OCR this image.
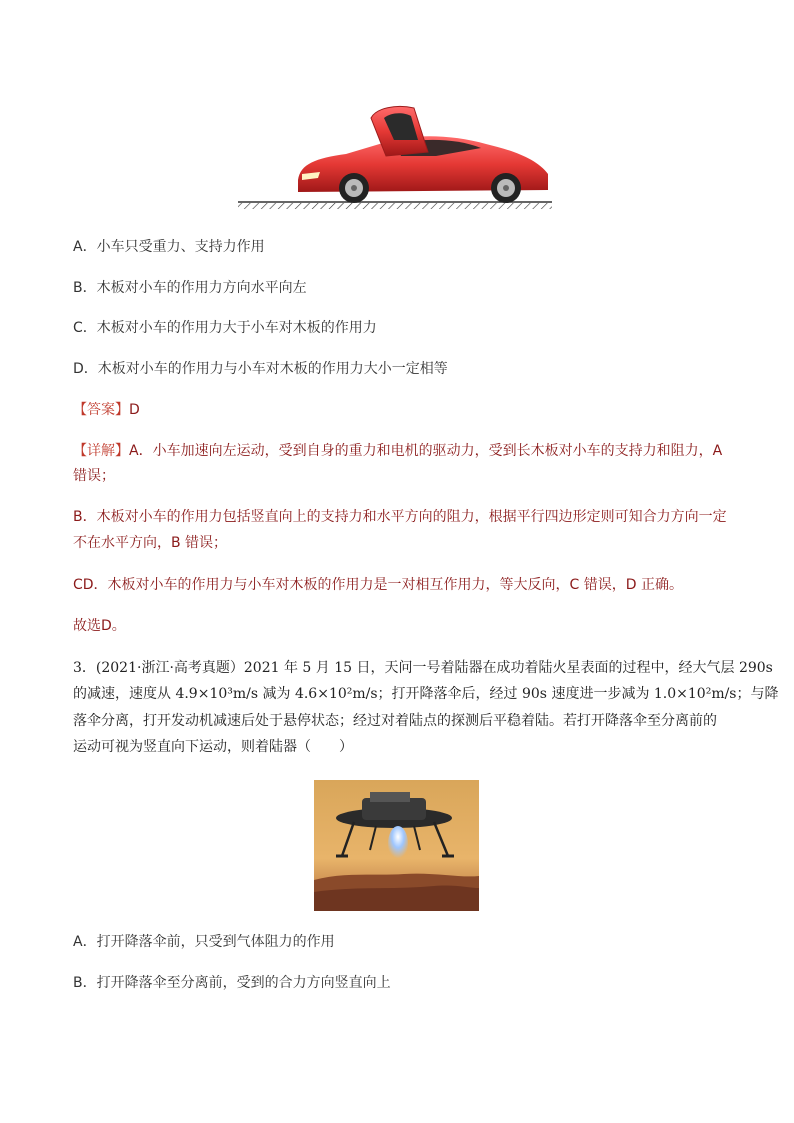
A．小车只受重力、支持力作用
B．木板对小车的作用力方向水平向左
C．木板对小车的作用力大于小车对木板的作用力
D．木板对小车的作用力与小车对木板的作用力大小一定相等
【答案】D
【详解】A．小车加速向左运动，受到自身的重力和电机的驱动力，受到长木板对小车的支持力和阻力，A
错误；
B．木板对小车的作用力包括竖直向上的支持力和水平方向的阻力，根据平行四边形定则可知合力方向一定
不在水平方向，B 错误；
CD．木板对小车的作用力与小车对木板的作用力是一对相互作用力，等大反向，C 错误，D 正确。
故选D。
3．(2021·浙江·高考真题）2021 年 5 月 15 日，天问一号着陆器在成功着陆火星表面的过程中，经大气层 290s
的减速，速度从 4.9×10³m/s 减为 4.6×10²m/s；打开降落伞后，经过 90s 速度进一步减为 1.0×10²m/s；与降
落伞分离，打开发动机减速后处于悬停状态；经过对着陆点的探测后平稳着陆。若打开降落伞至分离前的
运动可视为竖直向下运动，则着陆器（　　）
A．打开降落伞前，只受到气体阻力的作用
B．打开降落伞至分离前，受到的合力方向竖直向上
